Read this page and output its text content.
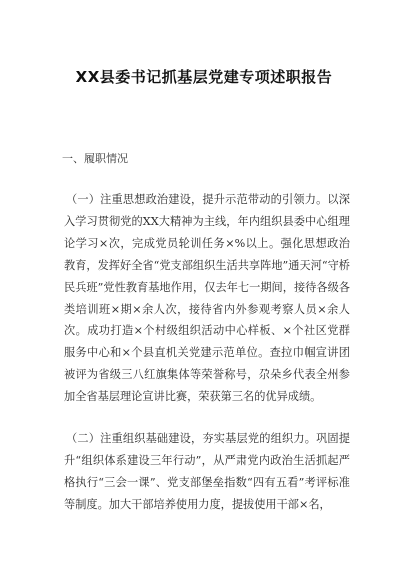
XX县委书记抓基层党建专项述职报告

一、履职情况

（一）注重思想政治建设，提升示范带动的引领力。以深入学习贯彻党的XX大精神为主线，年内组织县委中心组理论学习×次，完成党员轮训任务×%以上。强化思想政治教育，发挥好全省“党支部组织生活共享阵地”通天河“守桥民兵班”党性教育基地作用，仅去年七一期间，接待各级各类培训班×期×余人次，接待省内外参观考察人员×余人次。成功打造×个村级组织活动中心样板、×个社区党群服务中心和×个县直机关党建示范单位。查拉巾帼宣讲团被评为省级三八红旗集体等荣誉称号，尕朵乡代表全州参加全省基层理论宣讲比赛，荣获第三名的优异成绩。

（二）注重组织基础建设，夯实基层党的组织力。巩固提升“组织体系建设三年行动”，从严肃党内政治生活抓起严格执行“三会一课”、党支部堡垒指数“四有五看”考评标准等制度。加大干部培养使用力度，提拔使用干部×名，
